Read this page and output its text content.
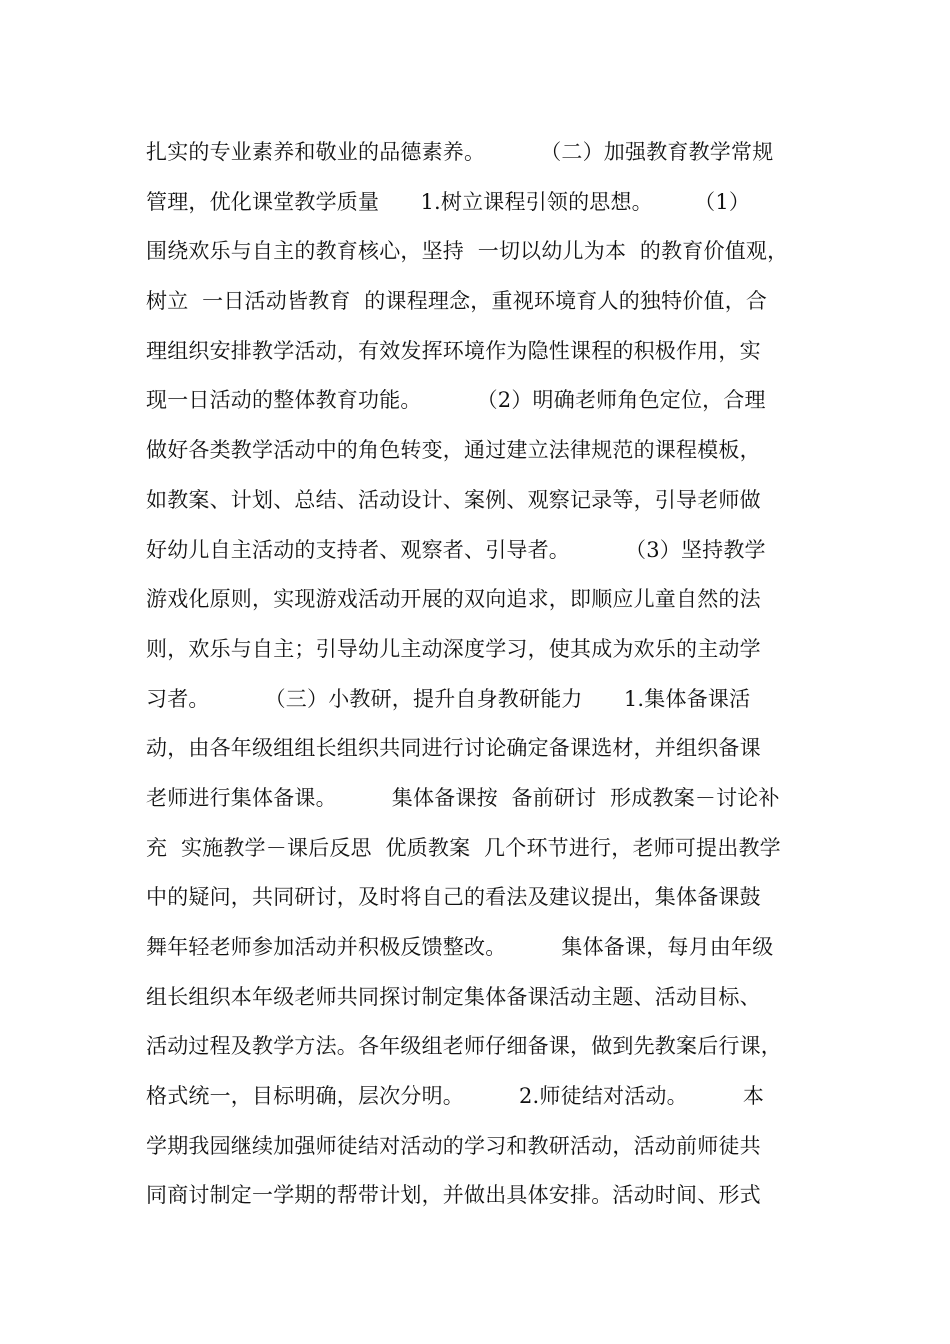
扎实的专业素养和敬业的品德素养。        （二）加强教育教学常规
管理，优化课堂教学质量      1.树立课程引领的思想。      （1）
围绕欢乐与自主的教育核心，坚持  一切以幼儿为本  的教育价值观，
树立  一日活动皆教育  的课程理念，重视环境育人的独特价值，合
理组织安排教学活动，有效发挥环境作为隐性课程的积极作用，实
现一日活动的整体教育功能。        （2）明确老师角色定位，合理
做好各类教学活动中的角色转变，通过建立法律规范的课程模板，
如教案、计划、总结、活动设计、案例、观察记录等，引导老师做
好幼儿自主活动的支持者、观察者、引导者。        （3）坚持教学
游戏化原则，实现游戏活动开展的双向追求，即顺应儿童自然的法
则，欢乐与自主；引导幼儿主动深度学习，使其成为欢乐的主动学
习者。        （三）小教研，提升自身教研能力      1.集体备课活
动，由各年级组组长组织共同进行讨论确定备课选材，并组织备课
老师进行集体备课。        集体备课按  备前研讨  形成教案－讨论补
充  实施教学－课后反思  优质教案  几个环节进行，老师可提出教学
中的疑问，共同研讨，及时将自己的看法及建议提出，集体备课鼓
舞年轻老师参加活动并积极反馈整改。        集体备课，每月由年级
组长组织本年级老师共同探讨制定集体备课活动主题、活动目标、
活动过程及教学方法。各年级组老师仔细备课，做到先教案后行课，
格式统一，目标明确，层次分明。        2.师徒结对活动。        本
学期我园继续加强师徒结对活动的学习和教研活动，活动前师徒共
同商讨制定一学期的帮带计划，并做出具体安排。活动时间、形式
